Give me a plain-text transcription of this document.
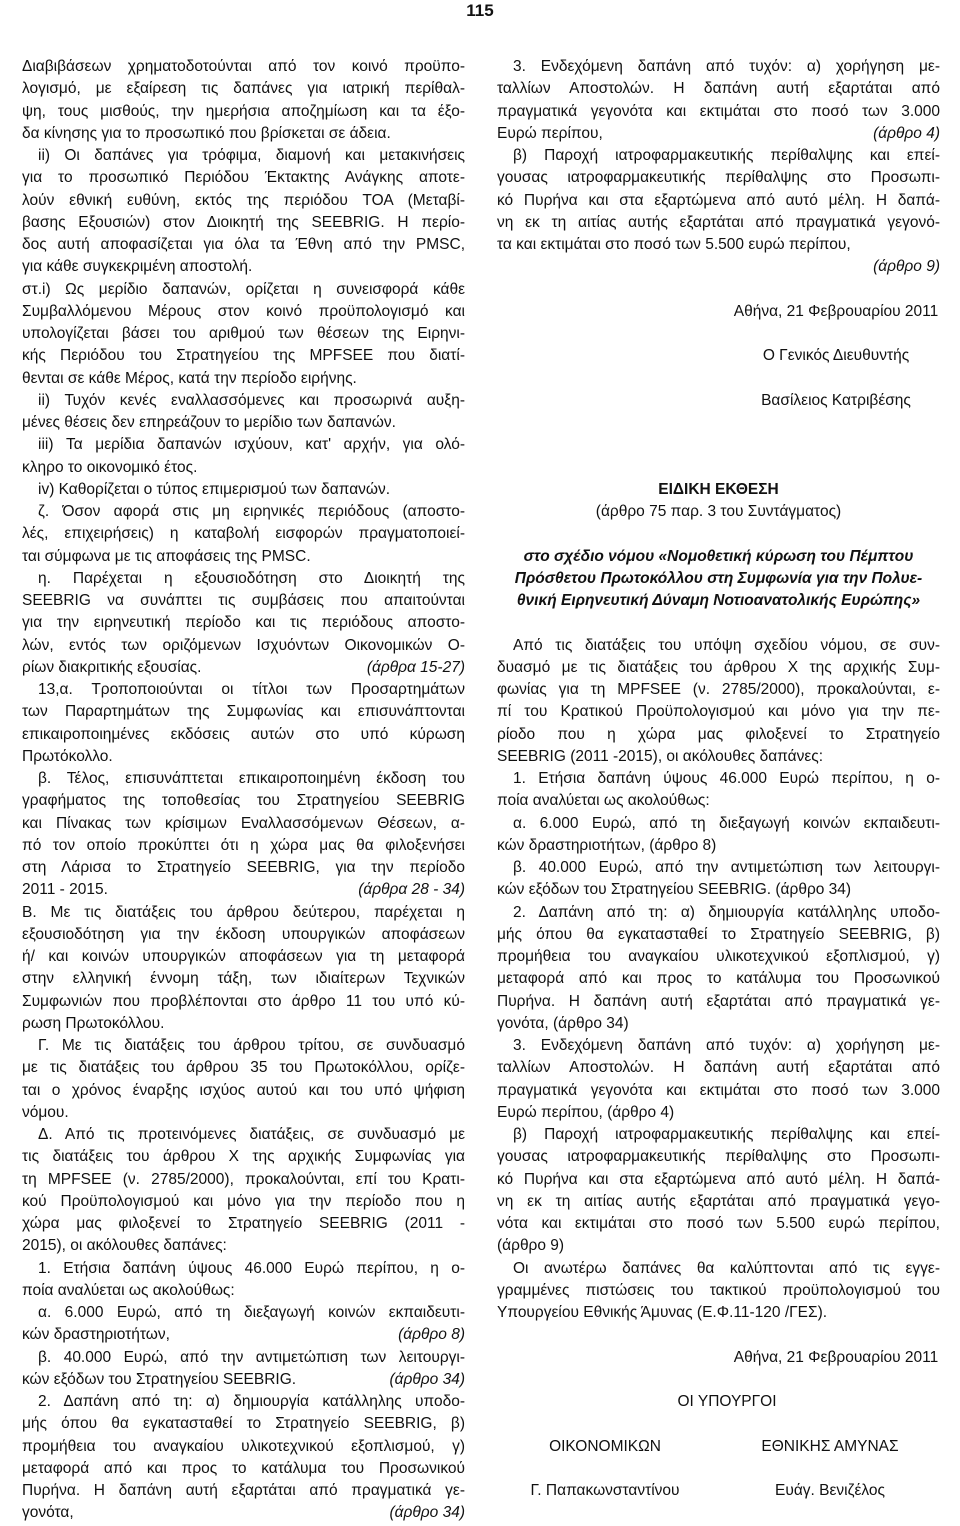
115
Διαβιβάσεων χρηματοδοτούνται από τον κοινό προϋπο-
λογισμό, με εξαίρεση τις δαπάνες για ιατρική περίθαλ-
ψη, τους μισθούς, την ημερήσια αποζημίωση και τα έξο-
δα κίνησης για το προσωπικό που βρίσκεται σε άδεια.
ii) Οι δαπάνες για τρόφιμα, διαμονή και μετακινήσεις
για το προσωπικό Περιόδου Έκτακτης Ανάγκης αποτε-
λούν εθνική ευθύνη, εκτός της περιόδου ΤΟΑ (Μεταβί-
βασης Εξουσιών) στον Διοικητή της SEEBRIG. Η περίο-
δος αυτή αποφασίζεται για όλα τα Έθνη από την PMSC,
για κάθε συγκεκριμένη αποστολή.
στ.i) Ως μερίδιο δαπανών, ορίζεται η συνεισφορά κάθε
Συμβαλλόμενου Μέρους στον κοινό προϋπολογισμό και
υπολογίζεται βάσει του αριθμού των θέσεων της Ειρηνι-
κής Περιόδου του Στρατηγείου της MPFSEE που διατί-
θενται σε κάθε Μέρος, κατά την περίοδο ειρήνης.
ii) Τυχόν κενές εναλλασσόμενες και προσωρινά αυξη-
μένες θέσεις δεν επηρεάζουν το μερίδιο των δαπανών.
iii) Τα μερίδια δαπανών ισχύουν, κατ' αρχήν, για ολό-
κληρο το οικονομικό έτος.
iv) Καθορίζεται ο τύπος επιμερισμού των δαπανών.
ζ. Όσον αφορά στις μη ειρηνικές περιόδους (αποστο-
λές, επιχειρήσεις) η καταβολή εισφορών πραγματοποιεί-
ται σύμφωνα με τις αποφάσεις της PMSC.
η. Παρέχεται η εξουσιοδότηση στο Διοικητή της
SEEBRIG να συνάπτει τις συμβάσεις που απαιτούνται
για την ειρηνευτική περίοδο και τις περιόδους αποστο-
λών, εντός των οριζόμενων Ισχυόντων Οικονομικών Ο-
ρίων διακριτικής εξουσίας.	(άρθρα 15-27)
13,α. Τροποποιούνται οι τίτλοι των Προσαρτημάτων
των Παραρτημάτων της Συμφωνίας και επισυνάπτονται
επικαιροποιημένες εκδόσεις αυτών στο υπό κύρωση
Πρωτόκολλο.
β. Τέλος, επισυνάπτεται επικαιροποιημένη έκδοση του
γραφήματος της τοποθεσίας του Στρατηγείου SEEBRIG
και Πίνακας των κρίσιμων Εναλλασσόμενων Θέσεων, α-
πό τον οποίο προκύπτει ότι η χώρα μας θα φιλοξενήσει
στη Λάρισα το Στρατηγείο SEEBRIG, για την περίοδο
2011 - 2015.	(άρθρα 28 - 34)
Β. Με τις διατάξεις του άρθρου δεύτερου, παρέχεται η
εξουσιοδότηση για την έκδοση υπουργικών αποφάσεων
ή/ και κοινών υπουργικών αποφάσεων για τη μεταφορά
στην ελληνική έννομη τάξη, των ιδιαίτερων Τεχνικών
Συμφωνιών που προβλέπονται στο άρθρο 11 του υπό κύ-
ρωση Πρωτοκόλλου.
Γ. Με τις διατάξεις του άρθρου τρίτου, σε συνδυασμό
με τις διατάξεις του άρθρου 35 του Πρωτοκόλλου, ορίζε-
ται ο χρόνος έναρξης ισχύος αυτού και του υπό ψήφιση
νόμου.
Δ. Από τις προτεινόμενες διατάξεις, σε συνδυασμό με
τις διατάξεις του άρθρου Χ της αρχικής Συμφωνίας για
τη MPFSEE (ν. 2785/2000), προκαλούνται, επί του Κρατι-
κού Προϋπολογισμού και μόνο για την περίοδο που η
χώρα μας φιλοξενεί το Στρατηγείο SEEBRIG (2011 -
2015), οι ακόλουθες δαπάνες:
1. Ετήσια δαπάνη ύψους 46.000 Ευρώ περίπου, η ο-
ποία αναλύεται ως ακολούθως:
α. 6.000 Ευρώ, από τη διεξαγωγή κοινών εκπαιδευτι-
κών δραστηριοτήτων,	(άρθρο 8)
β. 40.000 Ευρώ, από την αντιμετώπιση των λειτουργι-
κών εξόδων του Στρατηγείου SEEBRIG.	(άρθρο 34)
2. Δαπάνη από τη: α) δημιουργία κατάλληλης υποδο-
μής όπου θα εγκατασταθεί το Στρατηγείο SEEBRIG, β)
προμήθεια του αναγκαίου υλικοτεχνικού εξοπλισμού, γ)
μεταφορά από και προς το κατάλυμα του Προσωνικού
Πυρήνα. Η δαπάνη αυτή εξαρτάται από πραγματικά γε-
γονότα,	(άρθρο 34)
3. Ενδεχόμενη δαπάνη από τυχόν: α) χορήγηση με-
ταλλίων Αποστολών. Η δαπάνη αυτή εξαρτάται από
πραγματικά γεγονότα και εκτιμάται στο ποσό των 3.000
Ευρώ περίπου,	(άρθρο 4)
β) Παροχή ιατροφαρμακευτικής περίθαλψης και επεί-
γουσας ιατροφαρμακευτικής περίθαλψης στο Προσωπι-
κό Πυρήνα και στα εξαρτώμενα από αυτό μέλη. Η δαπά-
νη εκ τη αιτίας αυτής εξαρτάται από πραγματικά γεγονό-
τα και εκτιμάται στο ποσό των 5.500 ευρώ περίπου,
(άρθρο 9)
Αθήνα, 21 Φεβρουαρίου 2011
Ο Γενικός Διευθυντής
Βασίλειος Κατριβέσης
ΕΙΔΙΚΗ ΕΚΘΕΣΗ
(άρθρο 75 παρ. 3 του Συντάγματος)
στο σχέδιο νόμου «Νομοθετική κύρωση του Πέμπτου
Πρόσθετου Πρωτοκόλλου στη Συμφωνία για την Πολυε-
θνική Ειρηνευτική Δύναμη Νοτιοανατολικής Ευρώπης»
Από τις διατάξεις του υπόψη σχεδίου νόμου, σε συν-
δυασμό με τις διατάξεις του άρθρου Χ της αρχικής Συμ-
φωνίας για τη MPFSEE (ν. 2785/2000), προκαλούνται, ε-
πί του Κρατικού Προϋπολογισμού και μόνο για την πε-
ρίοδο που η χώρα μας φιλοξενεί το Στρατηγείο
SEEBRIG (2011 -2015), οι ακόλουθες δαπάνες:
1. Ετήσια δαπάνη ύψους 46.000 Ευρώ περίπου, η ο-
ποία αναλύεται ως ακολούθως:
α. 6.000 Ευρώ, από τη διεξαγωγή κοινών εκπαιδευτι-
κών δραστηριοτήτων, (άρθρο 8)
β. 40.000 Ευρώ, από την αντιμετώπιση των λειτουργι-
κών εξόδων του Στρατηγείου SEEBRIG. (άρθρο 34)
2. Δαπάνη από τη: α) δημιουργία κατάλληλης υποδο-
μής όπου θα εγκατασταθεί το Στρατηγείο SEEBRIG, β)
προμήθεια του αναγκαίου υλικοτεχνικού εξοπλισμού, γ)
μεταφορά από και προς το κατάλυμα του Προσωνικού
Πυρήνα. Η δαπάνη αυτή εξαρτάται από πραγματικά γε-
γονότα, (άρθρο 34)
3. Ενδεχόμενη δαπάνη από τυχόν: α) χορήγηση με-
ταλλίων Αποστολών. Η δαπάνη αυτή εξαρτάται από
πραγματικά γεγονότα και εκτιμάται στο ποσό των 3.000
Ευρώ περίπου, (άρθρο 4)
β) Παροχή ιατροφαρμακευτικής περίθαλψης και επεί-
γουσας ιατροφαρμακευτικής περίθαλψης στο Προσωπι-
κό Πυρήνα και στα εξαρτώμενα από αυτό μέλη. Η δαπά-
νη εκ τη αιτίας αυτής εξαρτάται από πραγματικά γεγο-
νότα και εκτιμάται στο ποσό των 5.500 ευρώ περίπου,
(άρθρο 9)
Οι ανωτέρω δαπάνες θα καλύπτονται από τις εγγε-
γραμμένες πιστώσεις του τακτικού προϋπολογισμού του
Υπουργείου Εθνικής Άμυνας (Ε.Φ.11-120 /ΓΕΣ).
Αθήνα, 21 Φεβρουαρίου 2011
ΟΙ ΥΠΟΥΡΓΟΙ
ΟΙΚΟΝΟΜΙΚΩΝ	ΕΘΝΙΚΗΣ ΑΜΥΝΑΣ
Γ. Παπακωνσταντίνου	Ευάγ. Βενιζέλος
